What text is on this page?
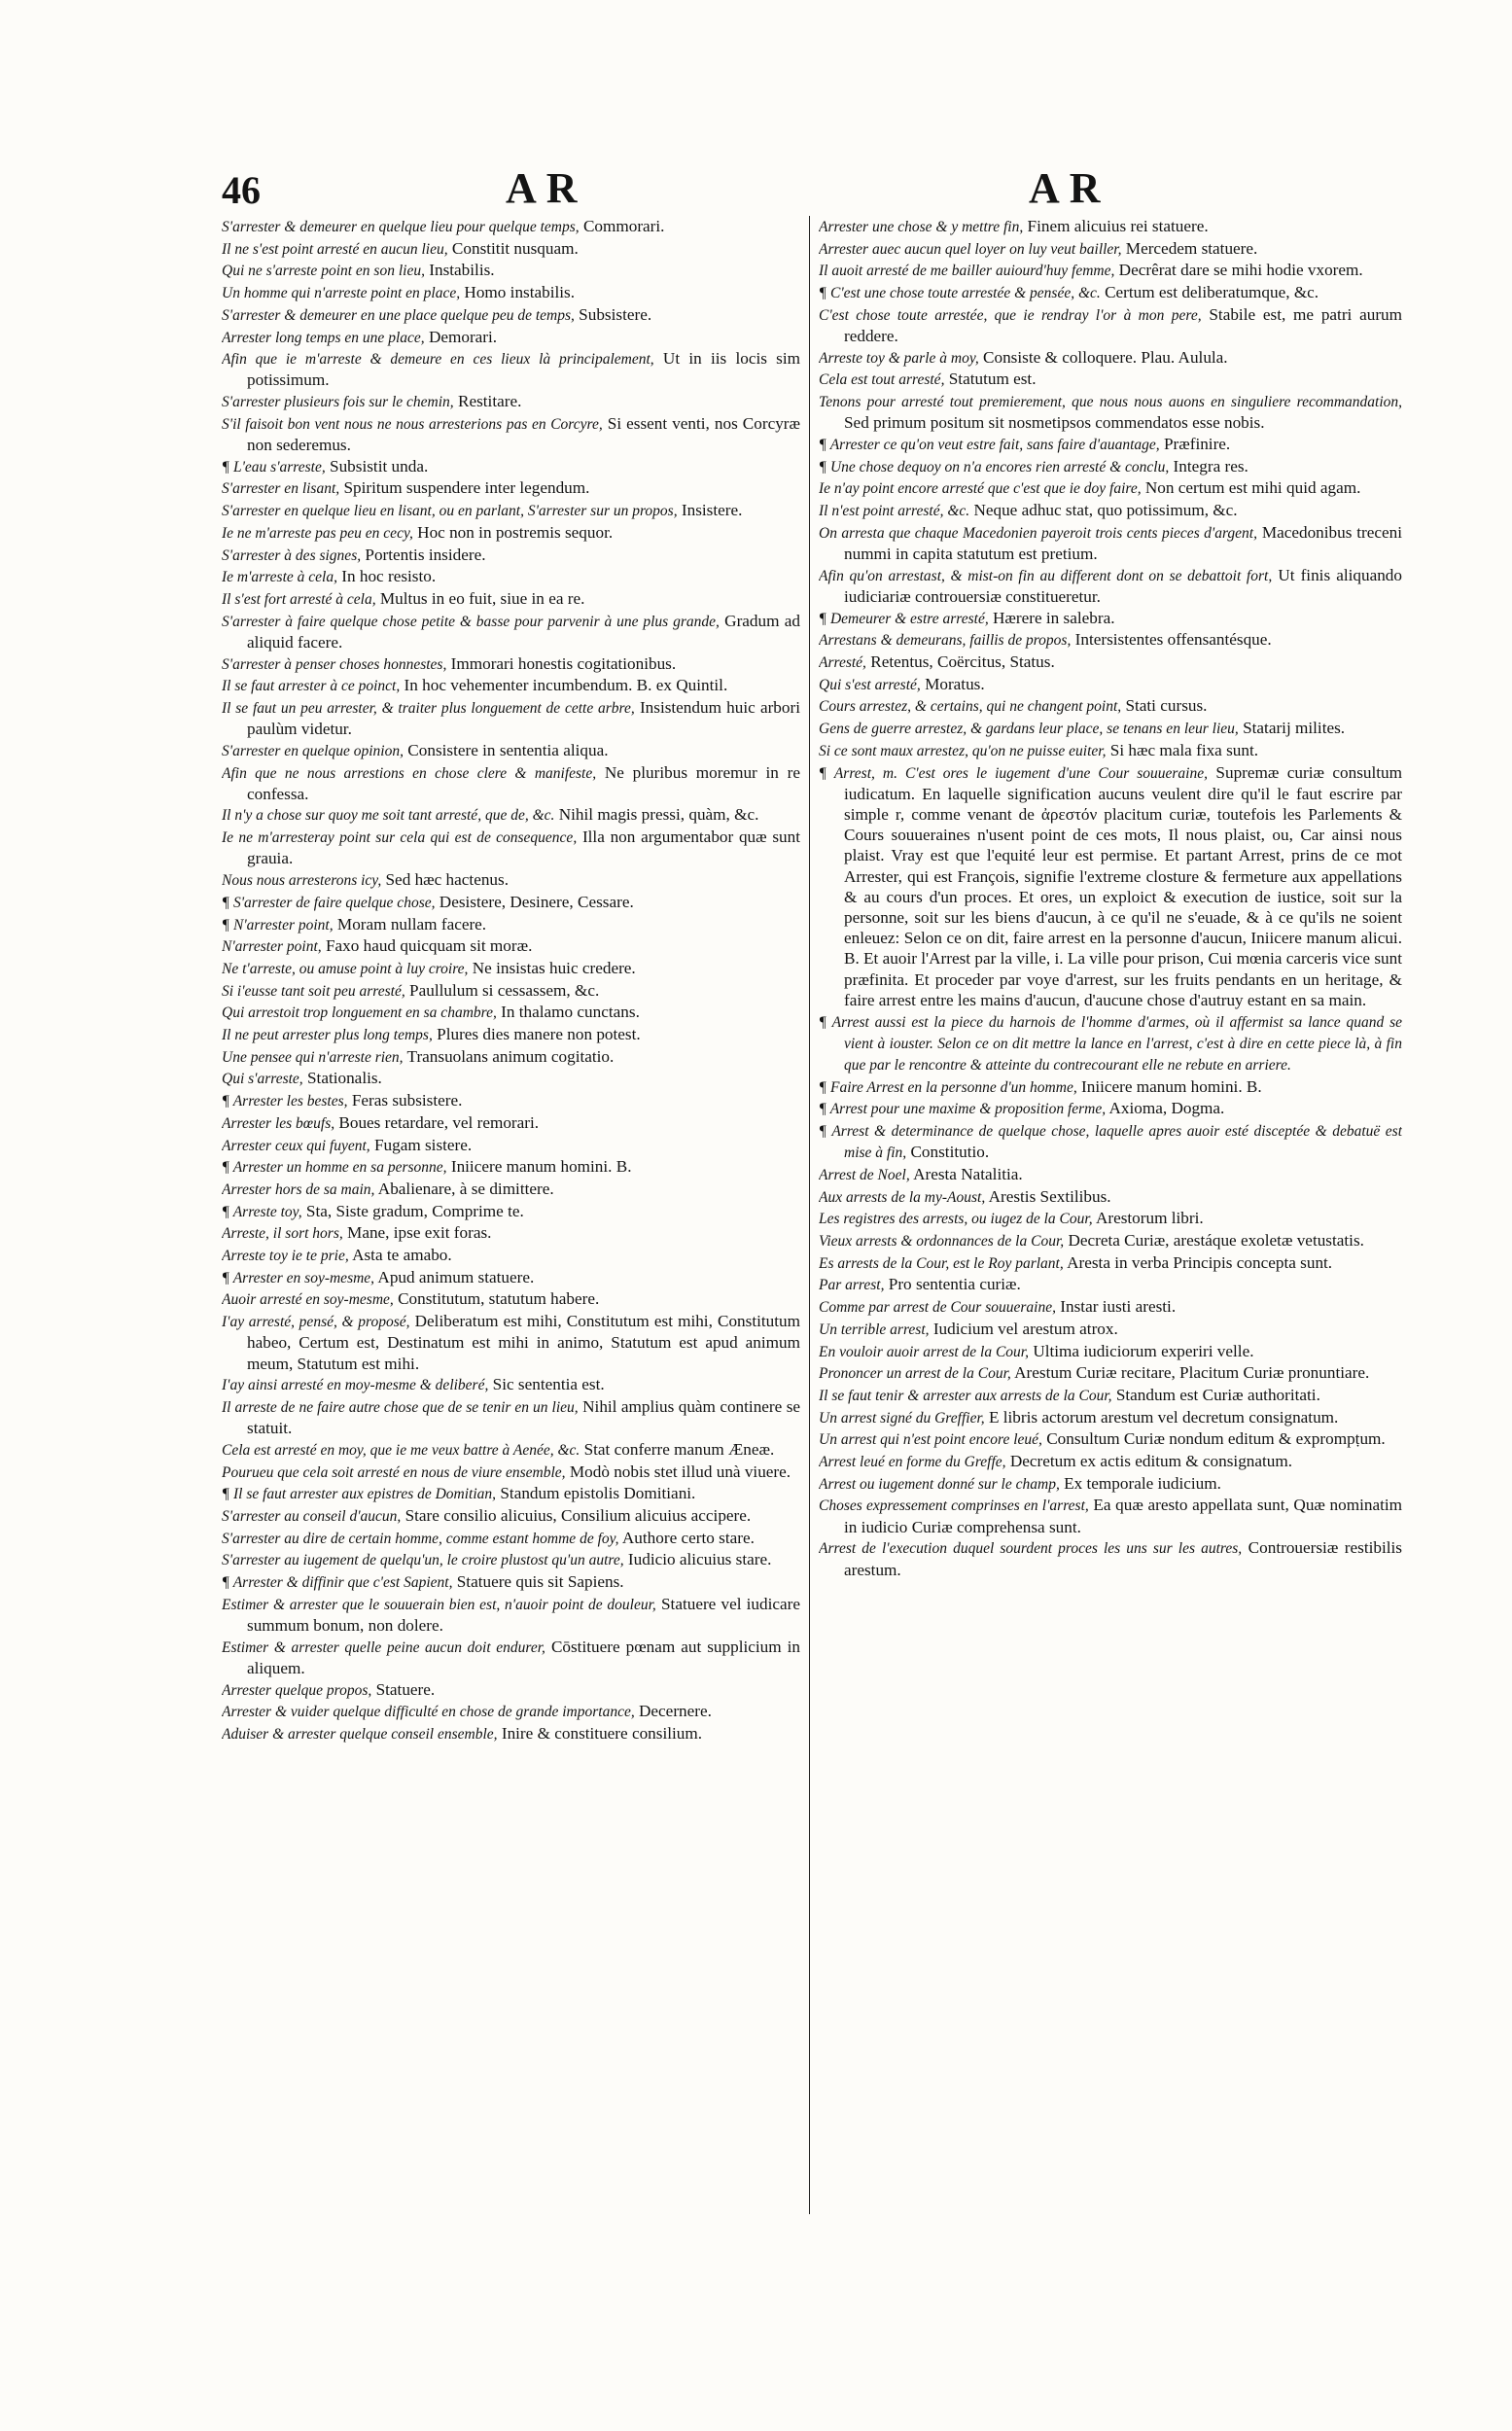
46	AR	AR

S'arrester & demeurer en quelque lieu pour quelque temps, Commorari.

Il ne s'est point arresté en aucun lieu, Constitit nusquam.

Qui ne s'arreste point en son lieu, Instabilis.

Un homme qui n'arreste point en place, Homo instabilis.

S'arrester & demeurer en une place quelque peu de temps, Subsistere.

Arrester long temps en une place, Demorari.

Afin que ie m'arreste & demeure en ces lieux là principalement, Ut in iis locis sim potissimum.

S'arrester plusieurs fois sur le chemin, Restitare.

S'il faisoit bon vent nous ne nous arresterions pas en Corcyre, Si essent venti, nos Corcyræ non sederemus.

¶ L'eau s'arreste, Subsistit unda.

S'arrester en lisant, Spiritum suspendere inter legendum.

S'arrester en quelque lieu en lisant, ou en parlant, S'arrester sur un propos, Insistere.

Ie ne m'arreste pas peu en cecy, Hoc non in postremis sequor.

S'arrester à des signes, Portentis insidere.

Ie m'arreste à cela, In hoc resisto.

Il s'est fort arresté à cela, Multus in eo fuit, siue in ea re.

S'arrester à faire quelque chose petite & basse pour parvenir à une plus grande, Gradum ad aliquid facere.

S'arrester à penser choses honnestes, Immorari honestis cogitationibus.

Il se faut arrester à ce poinct, In hoc vehementer incumbendum. B. ex Quintil.

Il se faut un peu arrester, & traiter plus longuement de cette arbre, Insistendum huic arbori paulùm videtur.

S'arrester en quelque opinion, Consistere in sententia aliqua.

Afin que ne nous arrestions en chose clere & manifeste, Ne pluribus moremur in re confessa.

Il n'y a chose sur quoy me soit tant arresté, que de, &c. Nihil magis pressi, quàm, &c.

Ie ne m'arresteray point sur cela qui est de consequence, Illa non argumentabor quæ sunt grauia.

Nous nous arresterons icy, Sed hæc hactenus.

¶ S'arrester de faire quelque chose, Desistere, Desinere, Cessare.

¶ N'arrester point, Moram nullam facere.

N'arrester point, Faxo haud quicquam sit moræ.

Ne t'arreste, ou amuse point à luy croire, Ne insistas huic credere.

Si i'eusse tant soit peu arresté, Paullulum si cessassem, &c.

Qui arrestoit trop longuement en sa chambre, In thalamo cunctans.

Il ne peut arrester plus long temps, Plures dies manere non potest.

Une pensee qui n'arreste rien, Transuolans animum cogitatio.

Qui s'arreste, Stationalis.

¶ Arrester les bestes, Feras subsistere.

Arrester les bœufs, Boues retardare, vel remorari.

Arrester ceux qui fuyent, Fugam sistere.

¶ Arrester un homme en sa personne, Iniicere manum homini. B.

Arrester hors de sa main, Abalienare, à se dimittere.

¶ Arreste toy, Sta, Siste gradum, Comprime te.

Arreste, il sort hors, Mane, ipse exit foras.

Arreste toy ie te prie, Asta te amabo.

¶ Arrester en soy-mesme, Apud animum statuere.

Auoir arresté en soy-mesme, Constitutum, statutum habere.

I'ay arresté, pensé, & proposé, Deliberatum est mihi, Constitutum est mihi, Constitutum habeo, Certum est, Destinatum est mihi in animo, Statutum est apud animum meum, Statutum est mihi.

I'ay ainsi arresté en moy-mesme & deliberé, Sic sententia est.

Il arreste de ne faire autre chose que de se tenir en un lieu, Nihil amplius quàm continere se statuit.

Cela est arresté en moy, que ie me veux battre à Aenée, &c. Stat conferre manum Æneæ.

Pourueu que cela soit arresté en nous de viure ensemble, Modò nobis stet illud unà viuere.

¶ Il se faut arrester aux epistres de Domitian, Standum epistolis Domitiani.

S'arrester au conseil d'aucun, Stare consilio alicuius, Consilium alicuius accipere.

S'arrester au dire de certain homme, comme estant homme de foy, Authore certo stare.

S'arrester au iugement de quelqu'un, le croire plustost qu'un autre, Iudicio alicuius stare.

¶ Arrester & diffinir que c'est Sapient, Statuere quis sit Sapiens.

Estimer & arrester que le souuerain bien est, n'auoir point de douleur, Statuere vel iudicare summum bonum, non dolere.

Estimer & arrester quelle peine aucun doit endurer, Cōstituere pœnam aut supplicium in aliquem.

Arrester quelque propos, Statuere.

Arrester & vuider quelque difficulté en chose de grande importance, Decernere.

Aduiser & arrester quelque conseil ensemble, Inire & constituere consilium.

Arrester une chose & y mettre fin, Finem alicuius rei statuere.

Arrester auec aucun quel loyer on luy veut bailler, Mercedem statuere.

Il auoit arresté de me bailler auiourd'huy femme, Decrêrat dare se mihi hodie vxorem.

¶ C'est une chose toute arrestée & pensée, &c. Certum est deliberatumque, &c.

C'est chose toute arrestée, que ie rendray l'or à mon pere, Stabile est, me patri aurum reddere.

Arreste toy & parle à moy, Consiste & colloquere. Plau. Aulula.

Cela est tout arresté, Statutum est.

Tenons pour arresté tout premierement, que nous nous auons en singuliere recommandation, Sed primum positum sit nosmetipsos commendatos esse nobis.

¶ Arrester ce qu'on veut estre fait, sans faire d'auantage, Præfinire.

¶ Une chose dequoy on n'a encores rien arresté & conclu, Integra res.

Ie n'ay point encore arresté que c'est que ie doy faire, Non certum est mihi quid agam.

Il n'est point arresté, &c. Neque adhuc stat, quo potissimum, &c.

On arresta que chaque Macedonien payeroit trois cents pieces d'argent, Macedonibus treceni nummi in capita statutum est pretium.

Afin qu'on arrestast, & mist-on fin au different dont on se debattoit fort, Ut finis aliquando iudiciariæ controuersiæ constitueretur.

¶ Demeurer & estre arresté, Hærere in salebra.

Arrestans & demeurans, faillis de propos, Intersistentes offensantésque.

Arresté, Retentus, Coërcitus, Status.

Qui s'est arresté, Moratus.

Cours arrestez, & certains, qui ne changent point, Stati cursus.

Gens de guerre arrestez, & gardans leur place, se tenans en leur lieu, Statarij milites.

Si ce sont maux arrestez, qu'on ne puisse euiter, Si hæc mala fixa sunt.

¶ Arrest, m. C'est ores le iugement d'une Cour souueraine, Supremæ curiæ consultum iudicatum. En laquelle signification aucuns veulent dire qu'il le faut escrire par simple r, comme venant de ἀρεστόν placitum curiæ, toutefois les Parlements & Cours souueraines n'usent point de ces mots, Il nous plaist, ou, Car ainsi nous plaist. Vray est que l'equité leur est permise. Et partant Arrest, prins de ce mot Arrester, qui est François, signifie l'extreme closture & fermeture aux appellations & au cours d'un proces. Et ores, un exploict & execution de iustice, soit sur la personne, soit sur les biens d'aucun, à ce qu'il ne s'euade, & à ce qu'ils ne soient enleuez: Selon ce on dit, faire arrest en la personne d'aucun, Iniicere manum alicui. B. Et auoir l'Arrest par la ville, i. La ville pour prison, Cui mœnia carceris vice sunt præfinita. Et proceder par voye d'arrest, sur les fruits pendants en un heritage, & faire arrest entre les mains d'aucun, d'aucune chose d'autruy estant en sa main.

¶ Arrest aussi est la piece du harnois de l'homme d'armes, où il affermist sa lance quand se vient à iouster. Selon ce on dit mettre la lance en l'arrest, c'est à dire en cette piece là, à fin que par le rencontre & atteinte du contrecourant elle ne rebute en arriere.

¶ Faire Arrest en la personne d'un homme, Iniicere manum homini. B.

¶ Arrest pour une maxime & proposition ferme, Axioma, Dogma.

¶ Arrest & determinance de quelque chose, laquelle apres auoir esté disceptée & debatuë est mise à fin, Constitutio.

Arrest de Noel, Aresta Natalitia.

Aux arrests de la my-Aoust, Arestis Sextilibus.

Les registres des arrests, ou iugez de la Cour, Arestorum libri.

Vieux arrests & ordonnances de la Cour, Decreta Curiæ, arestáque exoletæ vetustatis.

Es arrests de la Cour, est le Roy parlant, Aresta in verba Principis concepta sunt.

Par arrest, Pro sententia curiæ.

Comme par arrest de Cour souueraine, Instar iusti aresti.

Un terrible arrest, Iudicium vel arestum atrox.

En vouloir auoir arrest de la Cour, Ultima iudiciorum experiri velle.

Prononcer un arrest de la Cour, Arestum Curiæ recitare, Placitum Curiæ pronuntiare.

Il se faut tenir & arrester aux arrests de la Cour, Standum est Curiæ authoritati.

Un arrest signé du Greffier, E libris actorum arestum vel decretum consignatum.

Un arrest qui n'est point encore leué, Consultum Curiæ nondum editum & exprompṭum.

Arrest leué en forme du Greffe, Decretum ex actis editum & consignatum.

Arrest ou iugement donné sur le champ, Ex temporale iudicium.

Choses expressement comprinses en l'arrest, Ea quæ aresto appellata sunt, Quæ nominatim in iudicio Curiæ comprehensa sunt.

Arrest de l'execution duquel sourdent proces les uns sur les autres, Controuersiæ restibilis arestum.
